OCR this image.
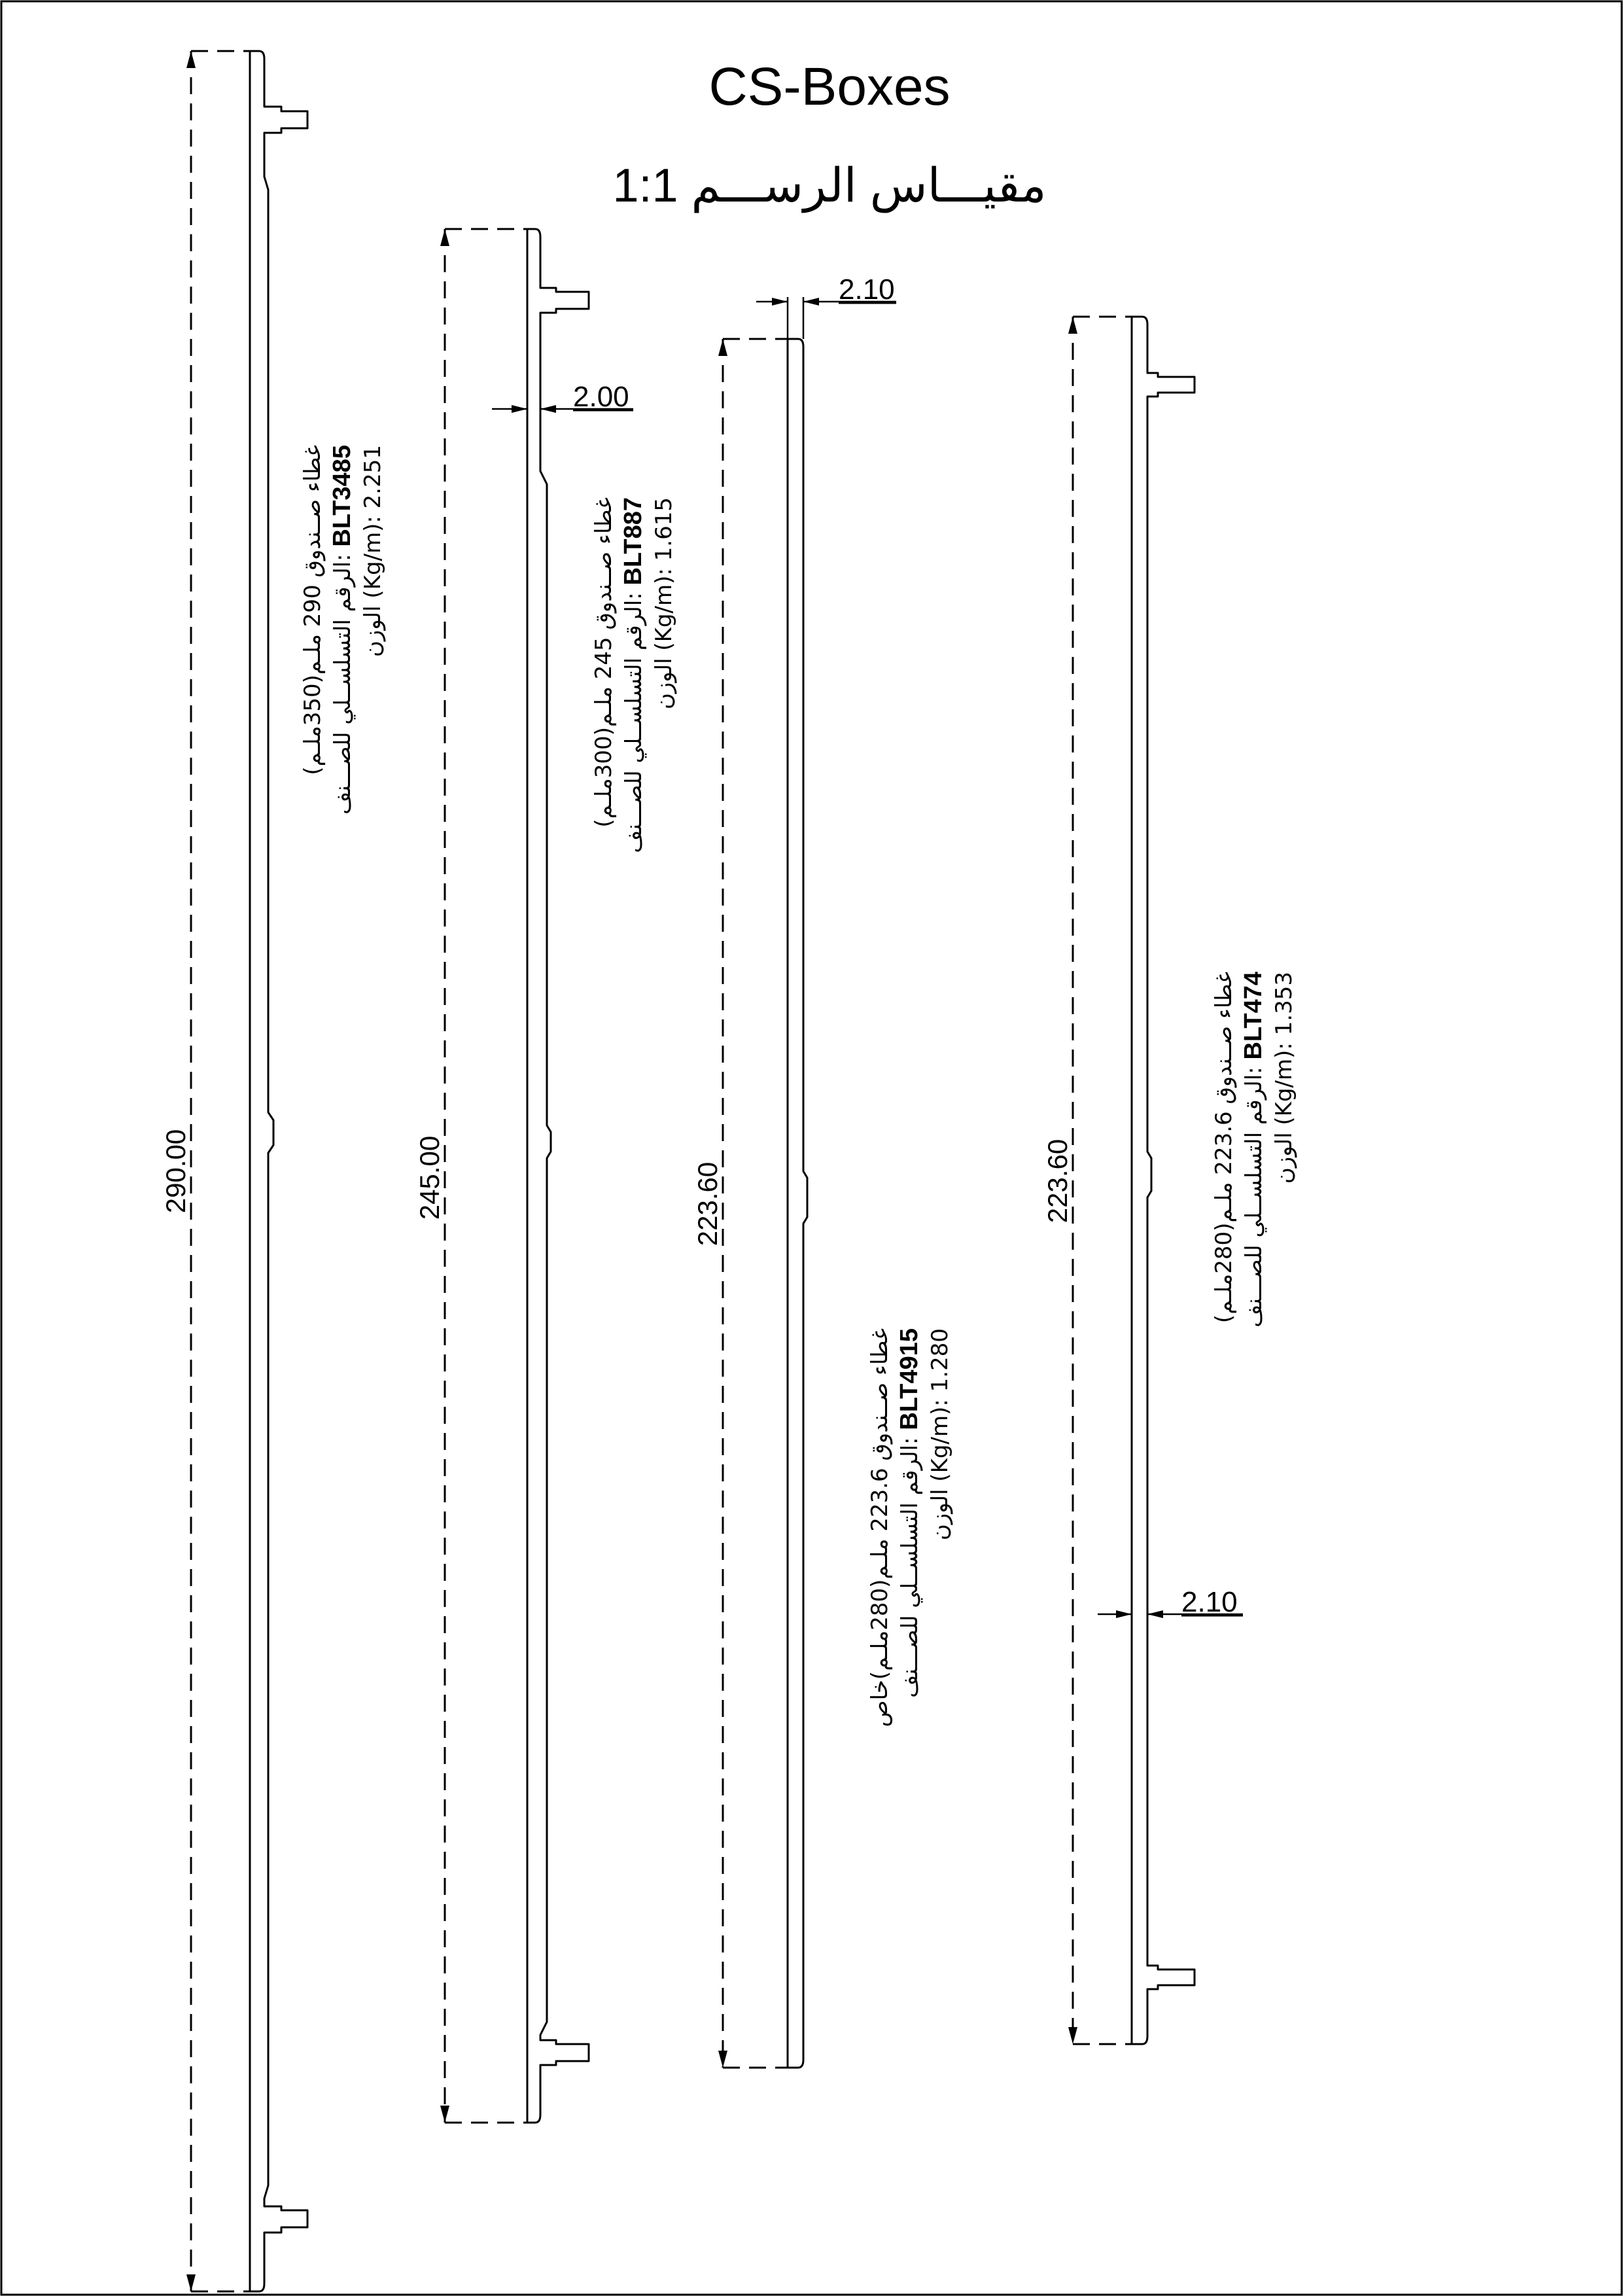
CS-Boxes
مقيـــاس الرســـم 1:1
290.00
غطاء صــندوق 290 ملـم(350ملـم)
الرقم التسلســلي للصـــنف: BLT3485
الوزن (Kg/m): 2.251
245.00
2.00
غطاء صــندوق 245 ملـم(300ملـم)
الرقم التسلســلي للصـــنف: BLT887
الوزن (Kg/m): 1.615
223.60
2.10
غطاء صــندوق 223.6 ملـم(280ملـم)خاص
الرقم التسلســلي للصـــنف: BLT4915
الوزن (Kg/m): 1.280
223.60
2.10
غطاء صــندوق 223.6 ملـم(280ملـم)
الرقم التسلســلي للصـــنف: BLT474
الوزن (Kg/m): 1.353
